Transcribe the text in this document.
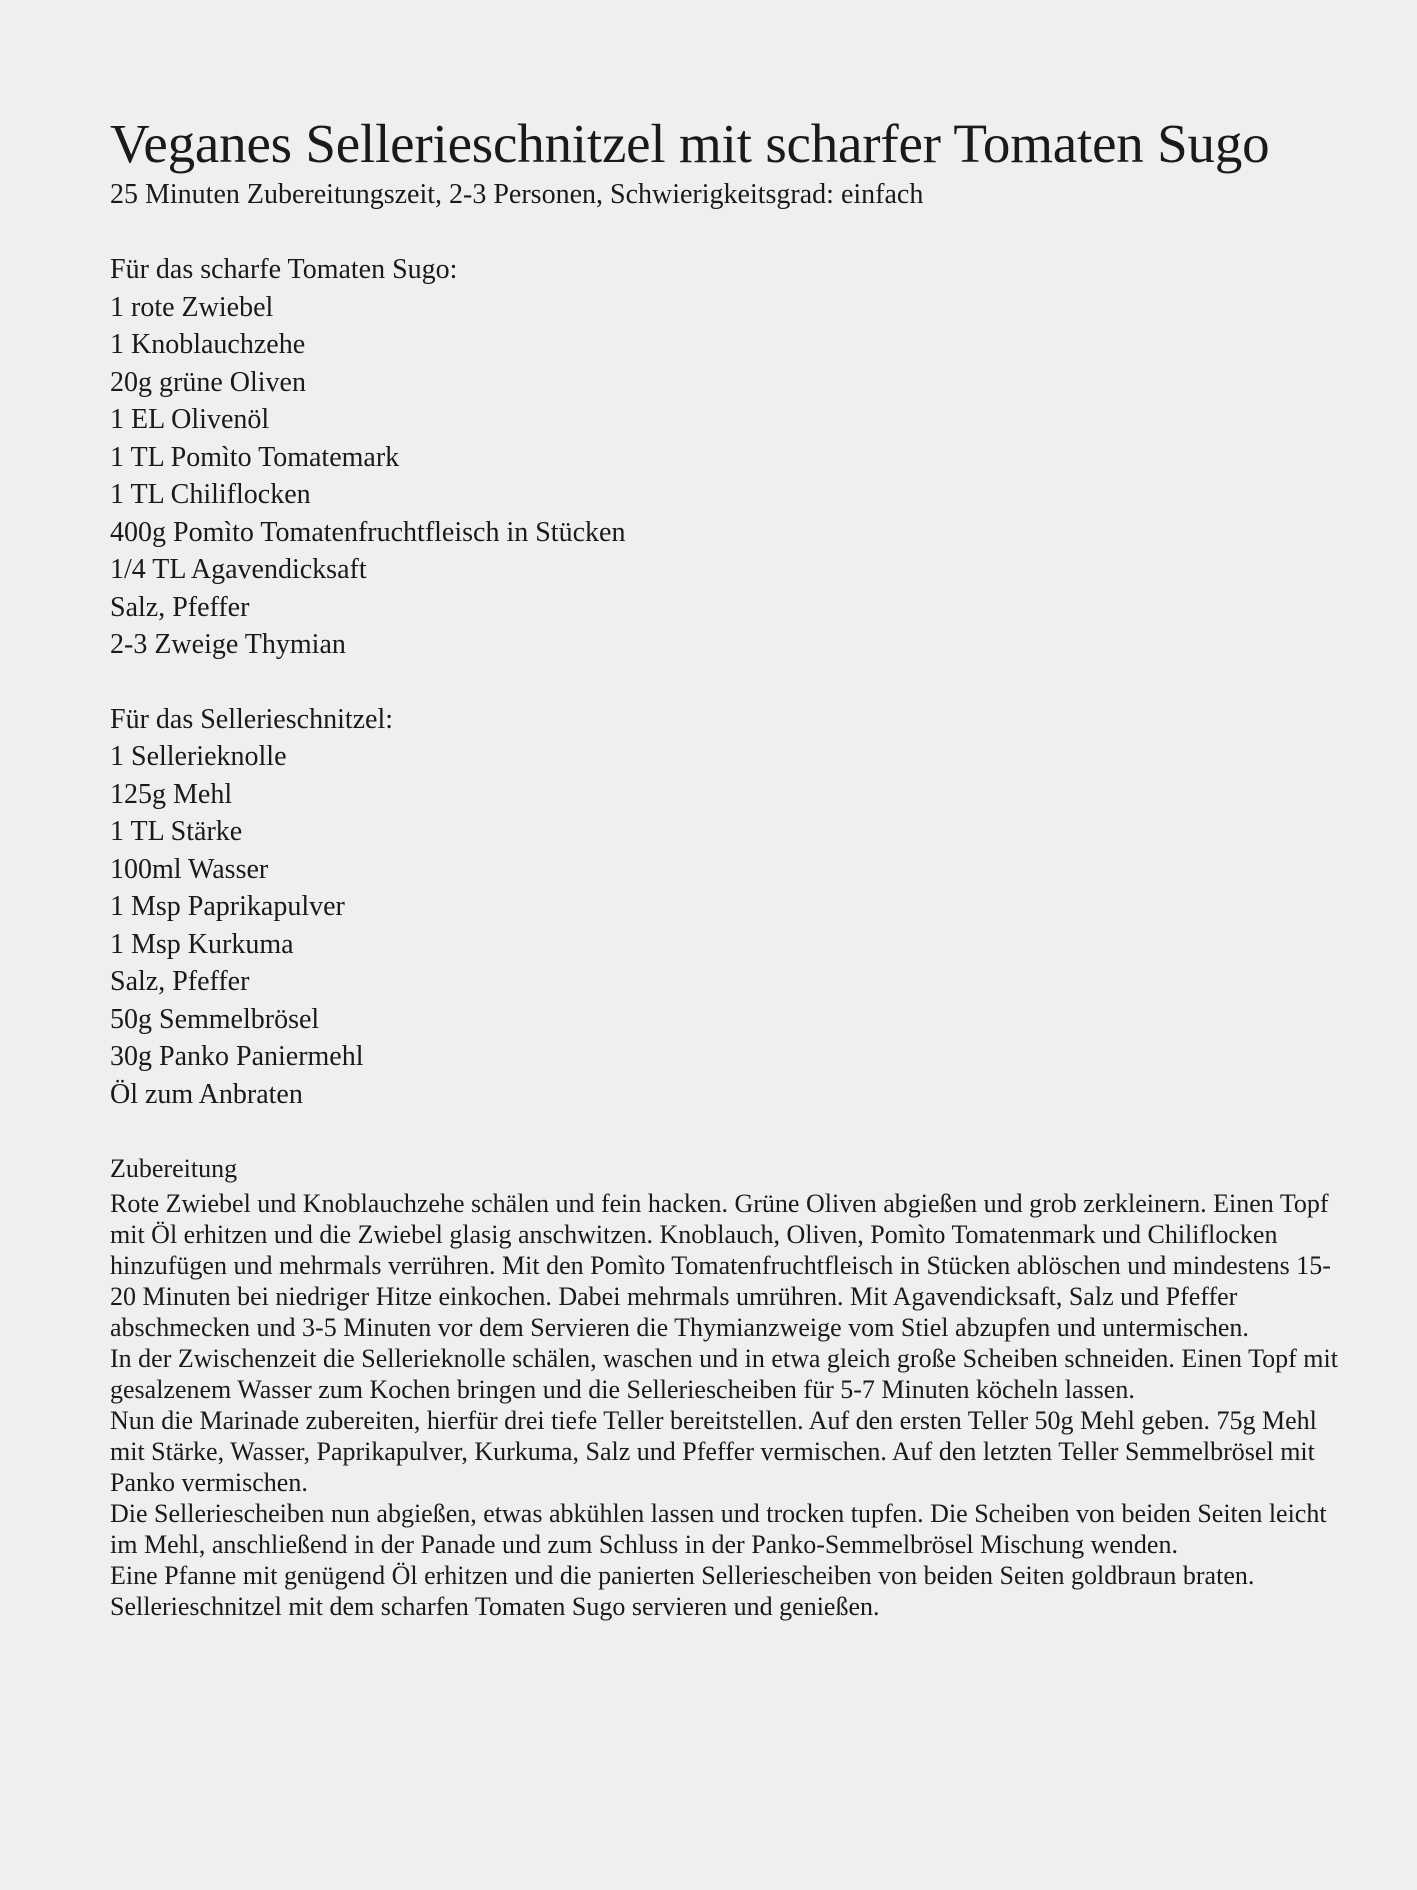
Veganes Sellerieschnitzel mit scharfer Tomaten Sugo

25 Minuten Zubereitungszeit, 2-3 Personen, Schwierigkeitsgrad: einfach

Für das scharfe Tomaten Sugo:

1 rote Zwiebel
1 Knoblauchzehe
20g grüne Oliven
1 EL Olivenöl
1 TL Pomìto Tomatemark
1 TL Chiliflocken
400g Pomìto Tomatenfruchtfleisch in Stücken
1/4 TL Agavendicksaft
Salz, Pfeffer
2-3 Zweige Thymian

Für das Sellerieschnitzel:

1 Sellerieknolle
125g Mehl
1 TL Stärke
100ml Wasser
1 Msp Paprikapulver
1 Msp Kurkuma
Salz, Pfeffer
50g Semmelbrösel
30g Panko Paniermehl
Öl zum Anbraten

Zubereitung

Rote Zwiebel und Knoblauchzehe schälen und fein hacken. Grüne Oliven abgießen und grob zerkleinern. Einen Topf mit Öl erhitzen und die Zwiebel glasig anschwitzen. Knoblauch, Oliven, Pomìto Tomatenmark und Chiliflocken hinzufügen und mehrmals verrühren. Mit den Pomìto Tomatenfruchtfleisch in Stücken ablöschen und mindestens 15-20 Minuten bei niedriger Hitze einkochen. Dabei mehrmals umrühren. Mit Agavendicksaft, Salz und Pfeffer abschmecken und 3-5 Minuten vor dem Servieren die Thymianzweige vom Stiel abzupfen und untermischen.

In der Zwischenzeit die Sellerieknolle schälen, waschen und in etwa gleich große Scheiben schneiden. Einen Topf mit gesalzenem Wasser zum Kochen bringen und die Selleriescheiben für 5-7 Minuten köcheln lassen.

Nun die Marinade zubereiten, hierfür drei tiefe Teller bereitstellen. Auf den ersten Teller 50g Mehl geben. 75g Mehl mit Stärke, Wasser, Paprikapulver, Kurkuma, Salz und Pfeffer vermischen. Auf den letzten Teller Semmelbrösel mit Panko vermischen.

Die Selleriescheiben nun abgießen, etwas abkühlen lassen und trocken tupfen. Die Scheiben von beiden Seiten leicht im Mehl, anschließend in der Panade und zum Schluss in der Panko-Semmelbrösel Mischung wenden.

Eine Pfanne mit genügend Öl erhitzen und die panierten Selleriescheiben von beiden Seiten goldbraun braten.

Sellerieschnitzel mit dem scharfen Tomaten Sugo servieren und genießen.
